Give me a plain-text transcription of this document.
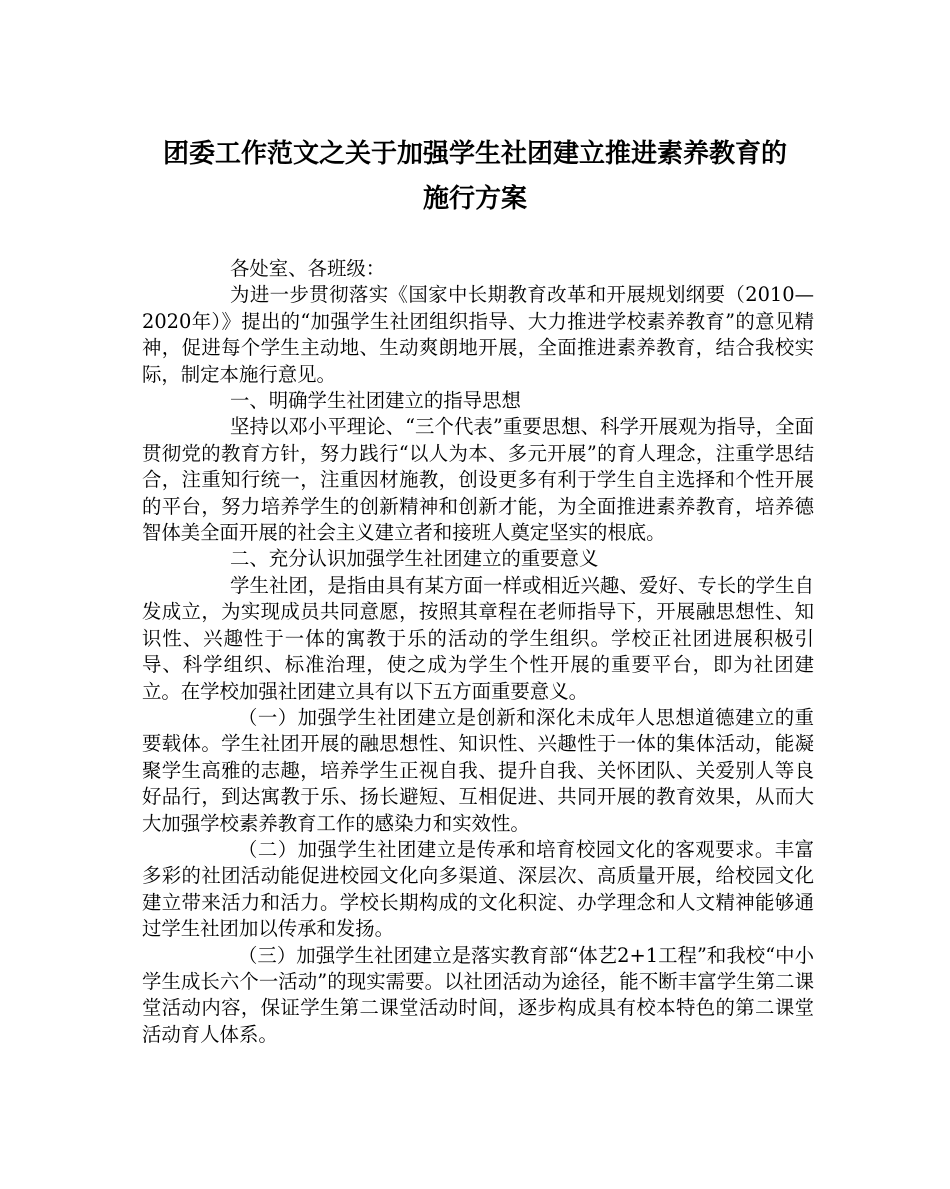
团委工作范文之关于加强学生社团建立推进素养教育的
施行方案

各处室、各班级：

为进一步贯彻落实《国家中长期教育改革和开展规划纲要（2010—2020年）》提出的“加强学生社团组织指导、大力推进学校素养教育”的意见精神，促进每个学生主动地、生动爽朗地开展，全面推进素养教育，结合我校实际，制定本施行意见。

一、明确学生社团建立的指导思想

坚持以邓小平理论、“三个代表”重要思想、科学开展观为指导，全面贯彻党的教育方针，努力践行“以人为本、多元开展”的育人理念，注重学思结合，注重知行统一，注重因材施教，创设更多有利于学生自主选择和个性开展的平台，努力培养学生的创新精神和创新才能，为全面推进素养教育，培养德智体美全面开展的社会主义建立者和接班人奠定坚实的根底。

二、充分认识加强学生社团建立的重要意义

学生社团，是指由具有某方面一样或相近兴趣、爱好、专长的学生自发成立，为实现成员共同意愿，按照其章程在老师指导下，开展融思想性、知识性、兴趣性于一体的寓教于乐的活动的学生组织。学校正社团进展积极引导、科学组织、标准治理，使之成为学生个性开展的重要平台，即为社团建立。在学校加强社团建立具有以下五方面重要意义。

（一）加强学生社团建立是创新和深化未成年人思想道德建立的重要载体。学生社团开展的融思想性、知识性、兴趣性于一体的集体活动，能凝聚学生高雅的志趣，培养学生正视自我、提升自我、关怀团队、关爱别人等良好品行，到达寓教于乐、扬长避短、互相促进、共同开展的教育效果，从而大大加强学校素养教育工作的感染力和实效性。

（二）加强学生社团建立是传承和培育校园文化的客观要求。丰富多彩的社团活动能促进校园文化向多渠道、深层次、高质量开展，给校园文化建立带来活力和活力。学校长期构成的文化积淀、办学理念和人文精神能够通过学生社团加以传承和发扬。

（三）加强学生社团建立是落实教育部“体艺2+1工程”和我校“中小学生成长六个一活动”的现实需要。以社团活动为途径，能不断丰富学生第二课堂活动内容，保证学生第二课堂活动时间，逐步构成具有校本特色的第二课堂活动育人体系。
